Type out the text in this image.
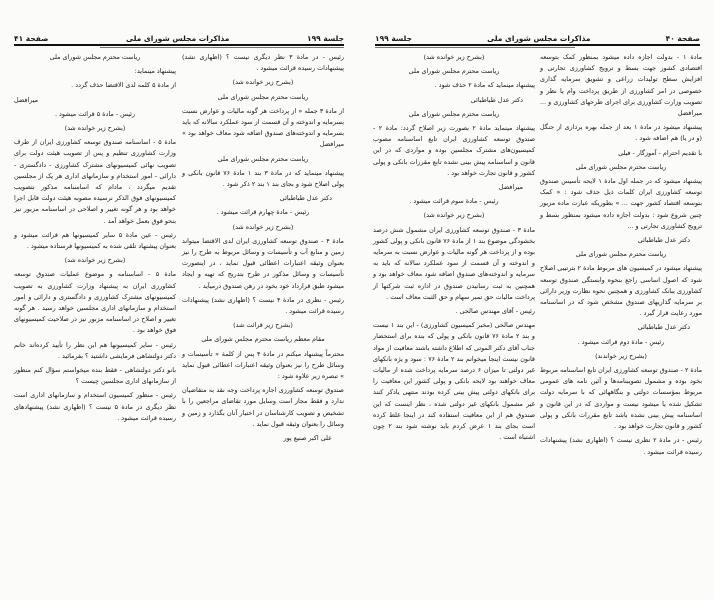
جلسة ۱۹۹
مذاکرات مجلس شورای ملی
صفحة ۴۱

رئیس - در مادة ۳ نظر دیگری نیست ؟ (اظهاری نشد) پیشنهادات رسیده قرائت میشود .

(بشرح زیر خوانده شد)

ریاست محترم مجلس شورای ملی

از مادة ۳ جمله « از پرداخت هر گونه مالیات و عوارض نسبت بسرمایه و اندوخته و آن قسمت از سود عملکرد سالانه که باید بسرمایه و اندوخته‌های صندوق اضافه شود معاف خواهد بود » میرافضل

ریاست محترم مجلس شورای ملی

پیشنهاد مینماید که در مادة ۳ بند ۱ مادة ۷۶ قانون بانکی و پولی اصلاح شود و بجای بند ۱ بند ۲ ذکر شود .

دکتر عدل طباطبائی

رئیس - مادة چهارم قرائت میشود .

(بشرح زیر خوانده شد)

مادة ۴ - صندوق توسعه کشاورزی ایران لدی الاقتضا میتواند زمین و منابع آب و تأسیسات و وسائل مربوط به طرح را نیز بعنوان وثیقه اعتبارات اعطائی قبول نماید ، در اینصورت تأسیسات و وسائل مذکور در طرح بتدریج که تهیه و ایجاد میشود طبق قرارداد خود بخود در رهن صندوق درمیآید .

رئیس - نظری در مادة ۴ نیست ؟ (اظهاری نشد) پیشنهادات رسیده قرائت میشود .

(بشرح زیر قرائت شد)

مقام معظم ریاست محترم مجلس شورای ملی

محترماً پیشنهاد میکنم در مادة ۴ پس از کلمة « تأسیسات و وسائل طرح را نیز بعنوان وثیقه اعتبارات اعطائی قبول نماید » تبصره زیر علاوه شود :

صندوق توسعه کشاورزی اجازه پرداخت وجه نقد به متقاضیان ندارد و فقط مجاز است وسایل مورد تقاضای مراجعین را با تشخیص و تصویب کارشناسان در اختیار آنان بگذارد و زمین و وسائل را بعنوان وثیقه قبول نماید .

علی اکبر صنیع پور

ریاست محترم مجلس شورای ملی

پیشنهاد مینماید:

از مادة ۵ کلمه لدی الاقتضا حذف گردد .

میرافضل

رئیس - مادة ۵ قرائت میشود .

(بشرح زیر خوانده شد)

مادة ۵ - اساسنامه صندوق توسعه کشاورزی ایران از طرف وزارت کشاورزی تنظیم و پس از تصویب هیئت دولت برای تصویب نهائی کمیسیونهای مشترک کشاورزی - دادگستری - دارائی - امور استخدام و سازمانهای اداری هر یک از مجلسین تقدیم میگردد ، مادام که اساسنامه مذکور بتصویب کمیسیونهای فوق الذکر نرسیده مصوبه هیئت دولت قابل اجرا خواهد بود و هر گونه تغییر و اصلاحی در اساسنامه مزبور نیز بنحو فوق بعمل خواهد آمد .

رئیس - عین مادة ۵ سایر کمیسیونها هم قرائت میشود و بعنوان پیشنهاد تلقی شده به کمیسیونها فرستاده میشود .

(بشرح زیر خوانده شد)

مادة ۵ - اساسنامه و موضوع عملیات صندوق توسعه کشاورزی ایران به پیشنهاد وزارت کشاورزی به تصویب کمیسیونهای مشترک کشاورزی و دادگستری و دارائی و امور استخدام و سازمانهای اداری مجلسین خواهد رسید . هر گونه تغییر و اصلاح در اساسنامه مزبور نیز در صلاحیت کمیسیونهای فوق خواهد بود .

رئیس - سایر کمیسیونها هم این نظر را تأیید کرده‌اند خانم دکتر دولتشاهی فرمایشی داشتید ؟ بفرمائید .

بانو دکتر دولتشاهی - فقط بنده میخواستم سؤال کنم منظور از سازمانهای اداری مجلسین چیست ؟

رئیس - منظور کمیسیون استخدام و سازمانهای اداری است نظر دیگری در مادة ۵ نیست ؟ (اظهاری نشد) پیشنهادهای رسیده قرائت میشود .

صفحة ۴۰
مذاکرات مجلس شورای ملی
جلسة ۱۹۹

مادة ۱ - بدولت اجازه داده میشود بمنظور کمک بتوسعه اقتصادی کشور جهت بسط و ترویج کشاورزی تجارتی و افزایش سطح تولیدات زراعی و تشویق سرمایه گذاری خصوصی در امر کشاورزی از طریق پرداخت وام یا نظر و تصویب وزارت کشاورزی برای اجرای طرحهای کشاورزی و ... میرافضل

پیشنهاد میشود در مادة ۱ بعد از جمله بهره برداری از جنگل (و در یا) هم اضافه شود .

با تقدیم احترام - آموزگار - فیلی

ریاست محترم مجلس شورای ملی

پیشنهاد میشود که در جمله اول مادة ۱ لایحه تأسیس صندوق توسعه کشاورزی ایران کلمات ذیل حذف شود : « کمک بتوسعه اقتصاد کشور جهت ... » بطوریکه عبارت ماده مزبور چنین شروع شود : بدولت اجازه داده میشود بمنظور بسط و ترویج کشاورزی تجارتی و ...

دکتر عدل طباطبائی

ریاست محترم مجلس شورای ملی

پیشنهاد میشود در کمیسیون های مربوط مادة ۲ بترتیبی اصلاح شود که اصول اساسی راجع بنحوه وابستگی صندوق توسعه کشاورزی ببانک کشاورزی و همچنین نحوه نظارت وزیر دارائی بر سرمایه گذاریهای صندوق مشخص شود که در اساسنامه مورد رعایت قرار گیرد .

دکتر عدل طباطبائی

رئیس - مادة دوم قرائت میشود .

(بشرح زیر خواندند)

مادة ۲ - صندوق توسعه کشاورزی ایران تابع اساسنامه مربوط بخود بوده و مشمول تصویبنامه‌ها و آئین نامه های عمومی مربوط بمؤسسات دولتی و بنگاههائی که با سرمایه دولت تشکیل شده یا میشود نیست و مواردی که در این قانون و اساسنامه پیش بینی نشده باشد تابع مقررات بانکی و پولی کشور و قانون تجارت خواهد بود .

رئیس - در مادة ۲ نظری نیست ؟ (اظهاری نشد) پیشنهادات رسیده قرائت میشود .

(بشرح زیر خوانده شد)

ریاست محترم مجلس شورای ملی

پیشنهاد مینماید که مادة ۲ حذف شود .

دکتر عدل طباطبائی

ریاست محترم مجلس شورای ملی

پیشنهاد مینماید مادة ۲ بصورت زیر اصلاح گردد: مادة ۲ - صندوق توسعه کشاورزی ایران تابع اساسنامه مصوب کمیسیون‌های مشترک مجلسین بوده و مواردی که در این قانون و اساسنامه پیش بینی نشده تابع مقررات بانکی و پولی کشور و قانون تجارت خواهد بود .

میرافضل

رئیس - مادة سوم قرائت میشود .

(بشرح زیر خوانده شد)

مادة ۳ - صندوق توسعه کشاورزی ایران مشمول شش درصد بخشودگی موضوع بند ۱ از مادة ۷۶ قانون بانکی و پولی کشور بوده و از پرداخت هر گونه مالیات و عوارض نسبت به سرمایه و اندوخته و آن قسمت از سود عملکرد سالانه که باید به سرمایه و اندوخته‌های صندوق اضافه شود معاف خواهد بود و همچنین به ثبت رسانیدن صندوق در اداره ثبت شرکتها از پرداخت مالیات حق تمبر سهام و حق الثبت معاف است .

رئیس - آقای مهندس صالحی .

مهندس صالحی (مخبر کمیسیون کشاورزی) - این بند ۱ نیست و بند ۲ مادة ۷۶ قانون بانکی و پولی که بنده برای استحضار جناب آقای دکتر الموتی که اطلاع داشته باشند معافیت از مواد قانون نیست اینجا میخوانم بند ۲ مادة ۷۶ : سود و یژه بانکهای غیر دولتی تا میزان ۶ درصد سرمایه پرداخت شده از مالیات معاف خواهند بود لایحه بانکی و پولی کشور این معافیت را برای بانکهای دولتی پیش بینی کرده بودند منتهی یادکر کنند غیر مشمول بانکهای غیر دولتی شده ، نظر اینست که این صندوق هم از این معافیت استفاده کند در اینجا غلط کرده است بجای بند ۱ عرض کردم باید نوشته شود بند ۲ چون اشتباه است .
